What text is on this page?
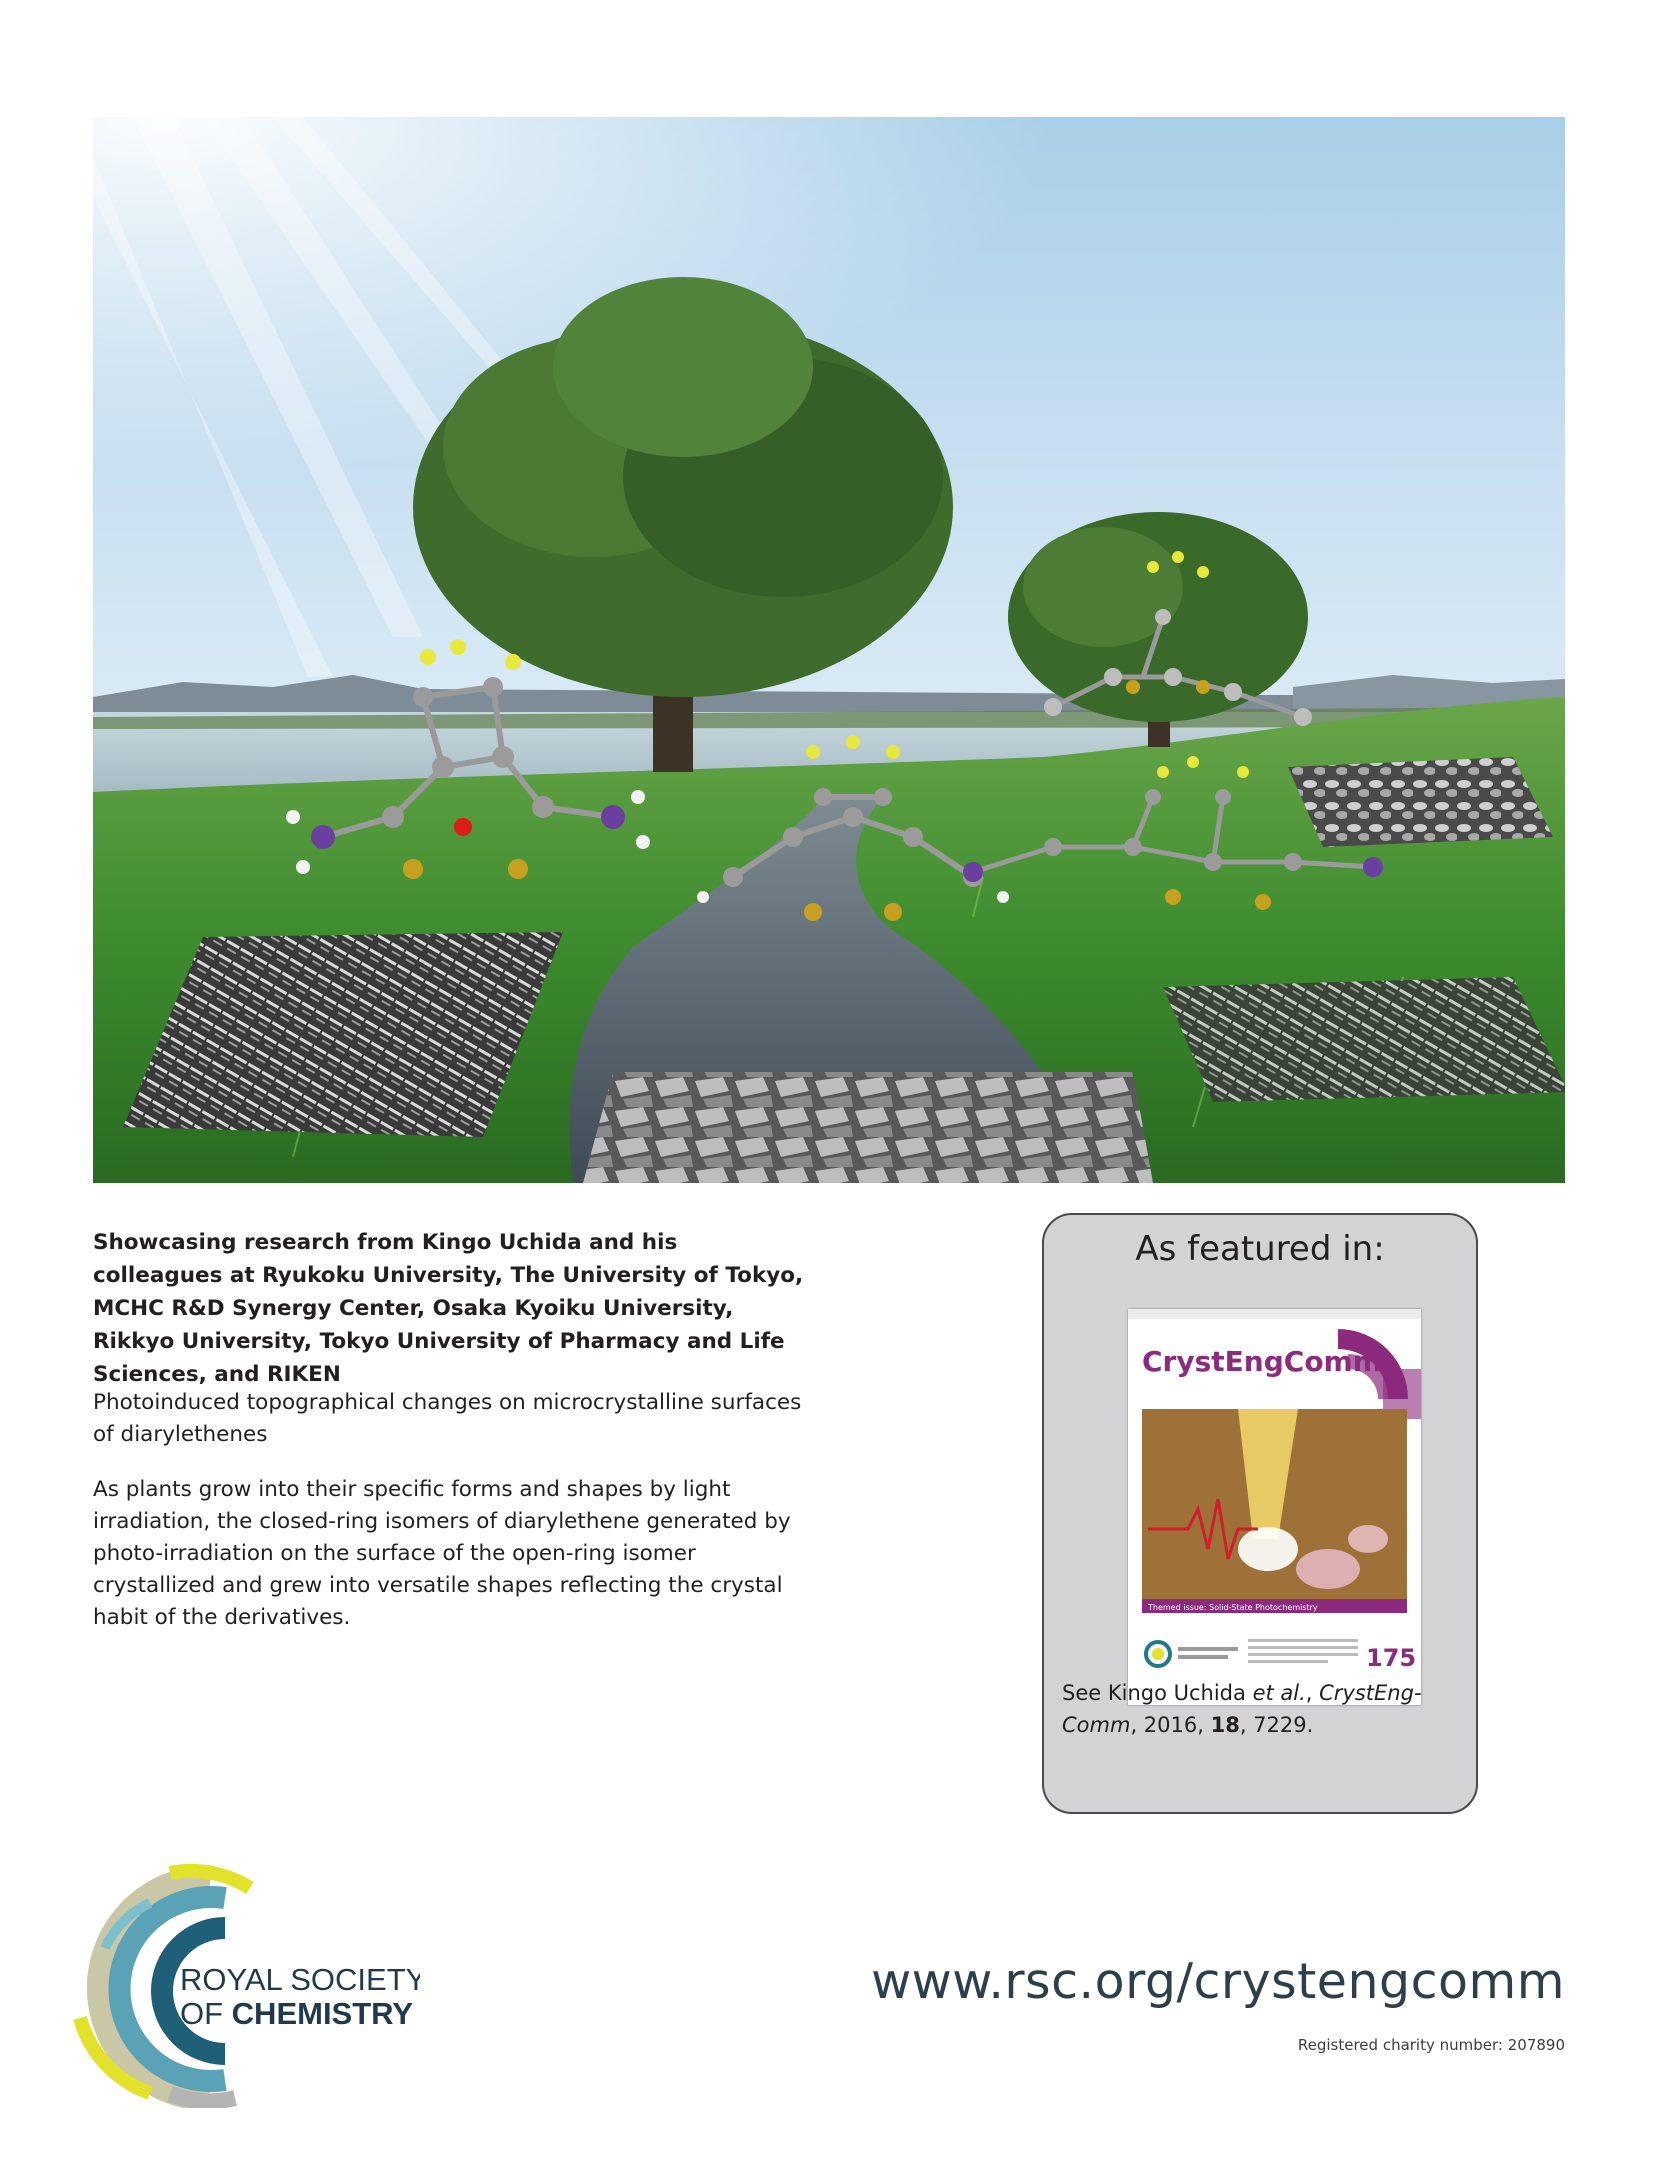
Showcasing research from Kingo Uchida and his colleagues at Ryukoku University, The University of Tokyo, MCHC R&D Synergy Center, Osaka Kyoiku University, Rikkyo University, Tokyo University of Pharmacy and Life Sciences, and RIKEN
Photoinduced topographical changes on microcrystalline surfaces of diarylethenes
As plants grow into their specific forms and shapes by light irradiation, the closed-ring isomers of diarylethene generated by photo-irradiation on the surface of the open-ring isomer crystallized and grew into versatile shapes reflecting the crystal habit of the derivatives.
As featured in:
CrystEngComm
Themed issue: Solid-State Photochemistry
175
See Kingo Uchida et al., CrystEng-Comm, 2016, 18, 7229.
ROYAL SOCIETY
OF CHEMISTRY
www.rsc.org/crystengcomm
Registered charity number: 207890
